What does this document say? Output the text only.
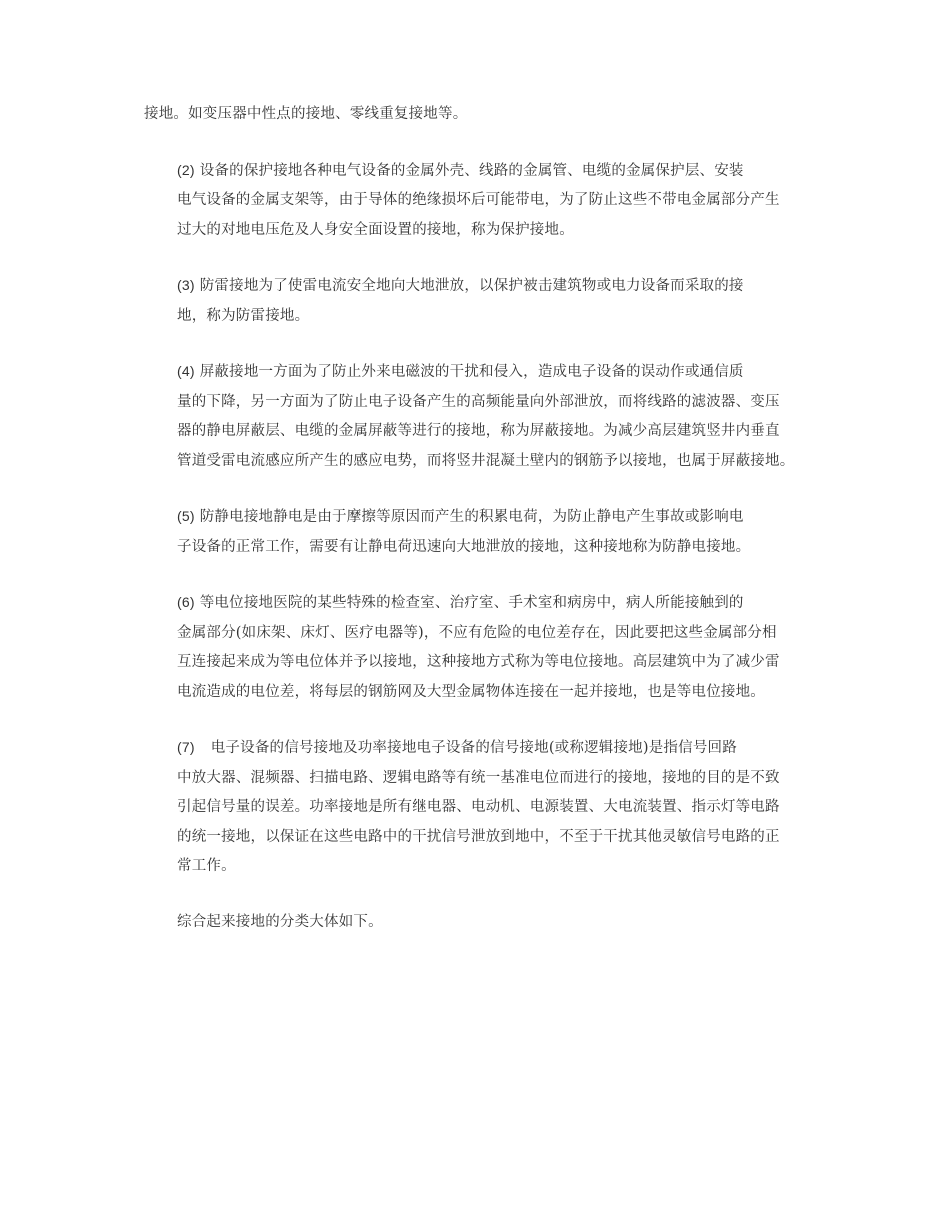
接地。如变压器中性点的接地、零线重复接地等。

(2) 设备的保护接地各种电气设备的金属外壳、线路的金属管、电缆的金属保护层、安装
电气设备的金属支架等，由于导体的绝缘损坏后可能带电，为了防止这些不带电金属部分产生
过大的对地电压危及人身安全面设置的接地，称为保护接地。

(3) 防雷接地为了使雷电流安全地向大地泄放，以保护被击建筑物或电力设备而采取的接
地，称为防雷接地。

(4) 屏蔽接地一方面为了防止外来电磁波的干扰和侵入，造成电子设备的误动作或通信质
量的下降，另一方面为了防止电子设备产生的高频能量向外部泄放，而将线路的滤波器、变压
器的静电屏蔽层、电缆的金属屏蔽等进行的接地，称为屏蔽接地。为减少高层建筑竖井内垂直
管道受雷电流感应所产生的感应电势，而将竖井混凝土壁内的钢筋予以接地，也属于屏蔽接地。

(5) 防静电接地静电是由于摩擦等原因而产生的积累电荷，为防止静电产生事故或影响电
子设备的正常工作，需要有让静电荷迅速向大地泄放的接地，这种接地称为防静电接地。

(6) 等电位接地医院的某些特殊的检查室、治疗室、手术室和病房中，病人所能接触到的
金属部分(如床架、床灯、医疗电器等)，不应有危险的电位差存在，因此要把这些金属部分相
互连接起来成为等电位体并予以接地，这种接地方式称为等电位接地。高层建筑中为了减少雷
电流造成的电位差，将每层的钢筋网及大型金属物体连接在一起并接地，也是等电位接地。

(7) 电子设备的信号接地及功率接地电子设备的信号接地(或称逻辑接地)是指信号回路
中放大器、混频器、扫描电路、逻辑电路等有统一基准电位而进行的接地，接地的目的是不致
引起信号量的误差。功率接地是所有继电器、电动机、电源装置、大电流装置、指示灯等电路
的统一接地，以保证在这些电路中的干扰信号泄放到地中，不至于干扰其他灵敏信号电路的正
常工作。

综合起来接地的分类大体如下。
